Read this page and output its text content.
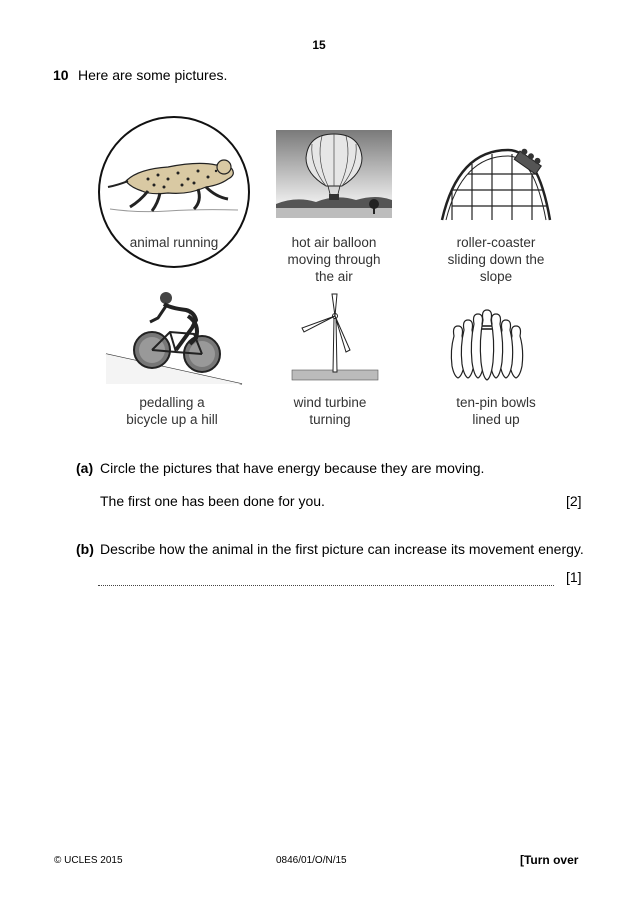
15
10 Here are some pictures.
animal running	hot air balloon
moving through
the air
roller-coaster
sliding down the
slope
pedalling a
bicycle up a hill
wind turbine
turning
ten-pin bowls
lined up
(a) Circle the pictures that have energy because they are moving.
The first one has been done for you.	[2]
(b) Describe how the animal in the first picture can increase its movement energy.
[1]
© UCLES 2015	0846/01/O/N/15	[Turn over
